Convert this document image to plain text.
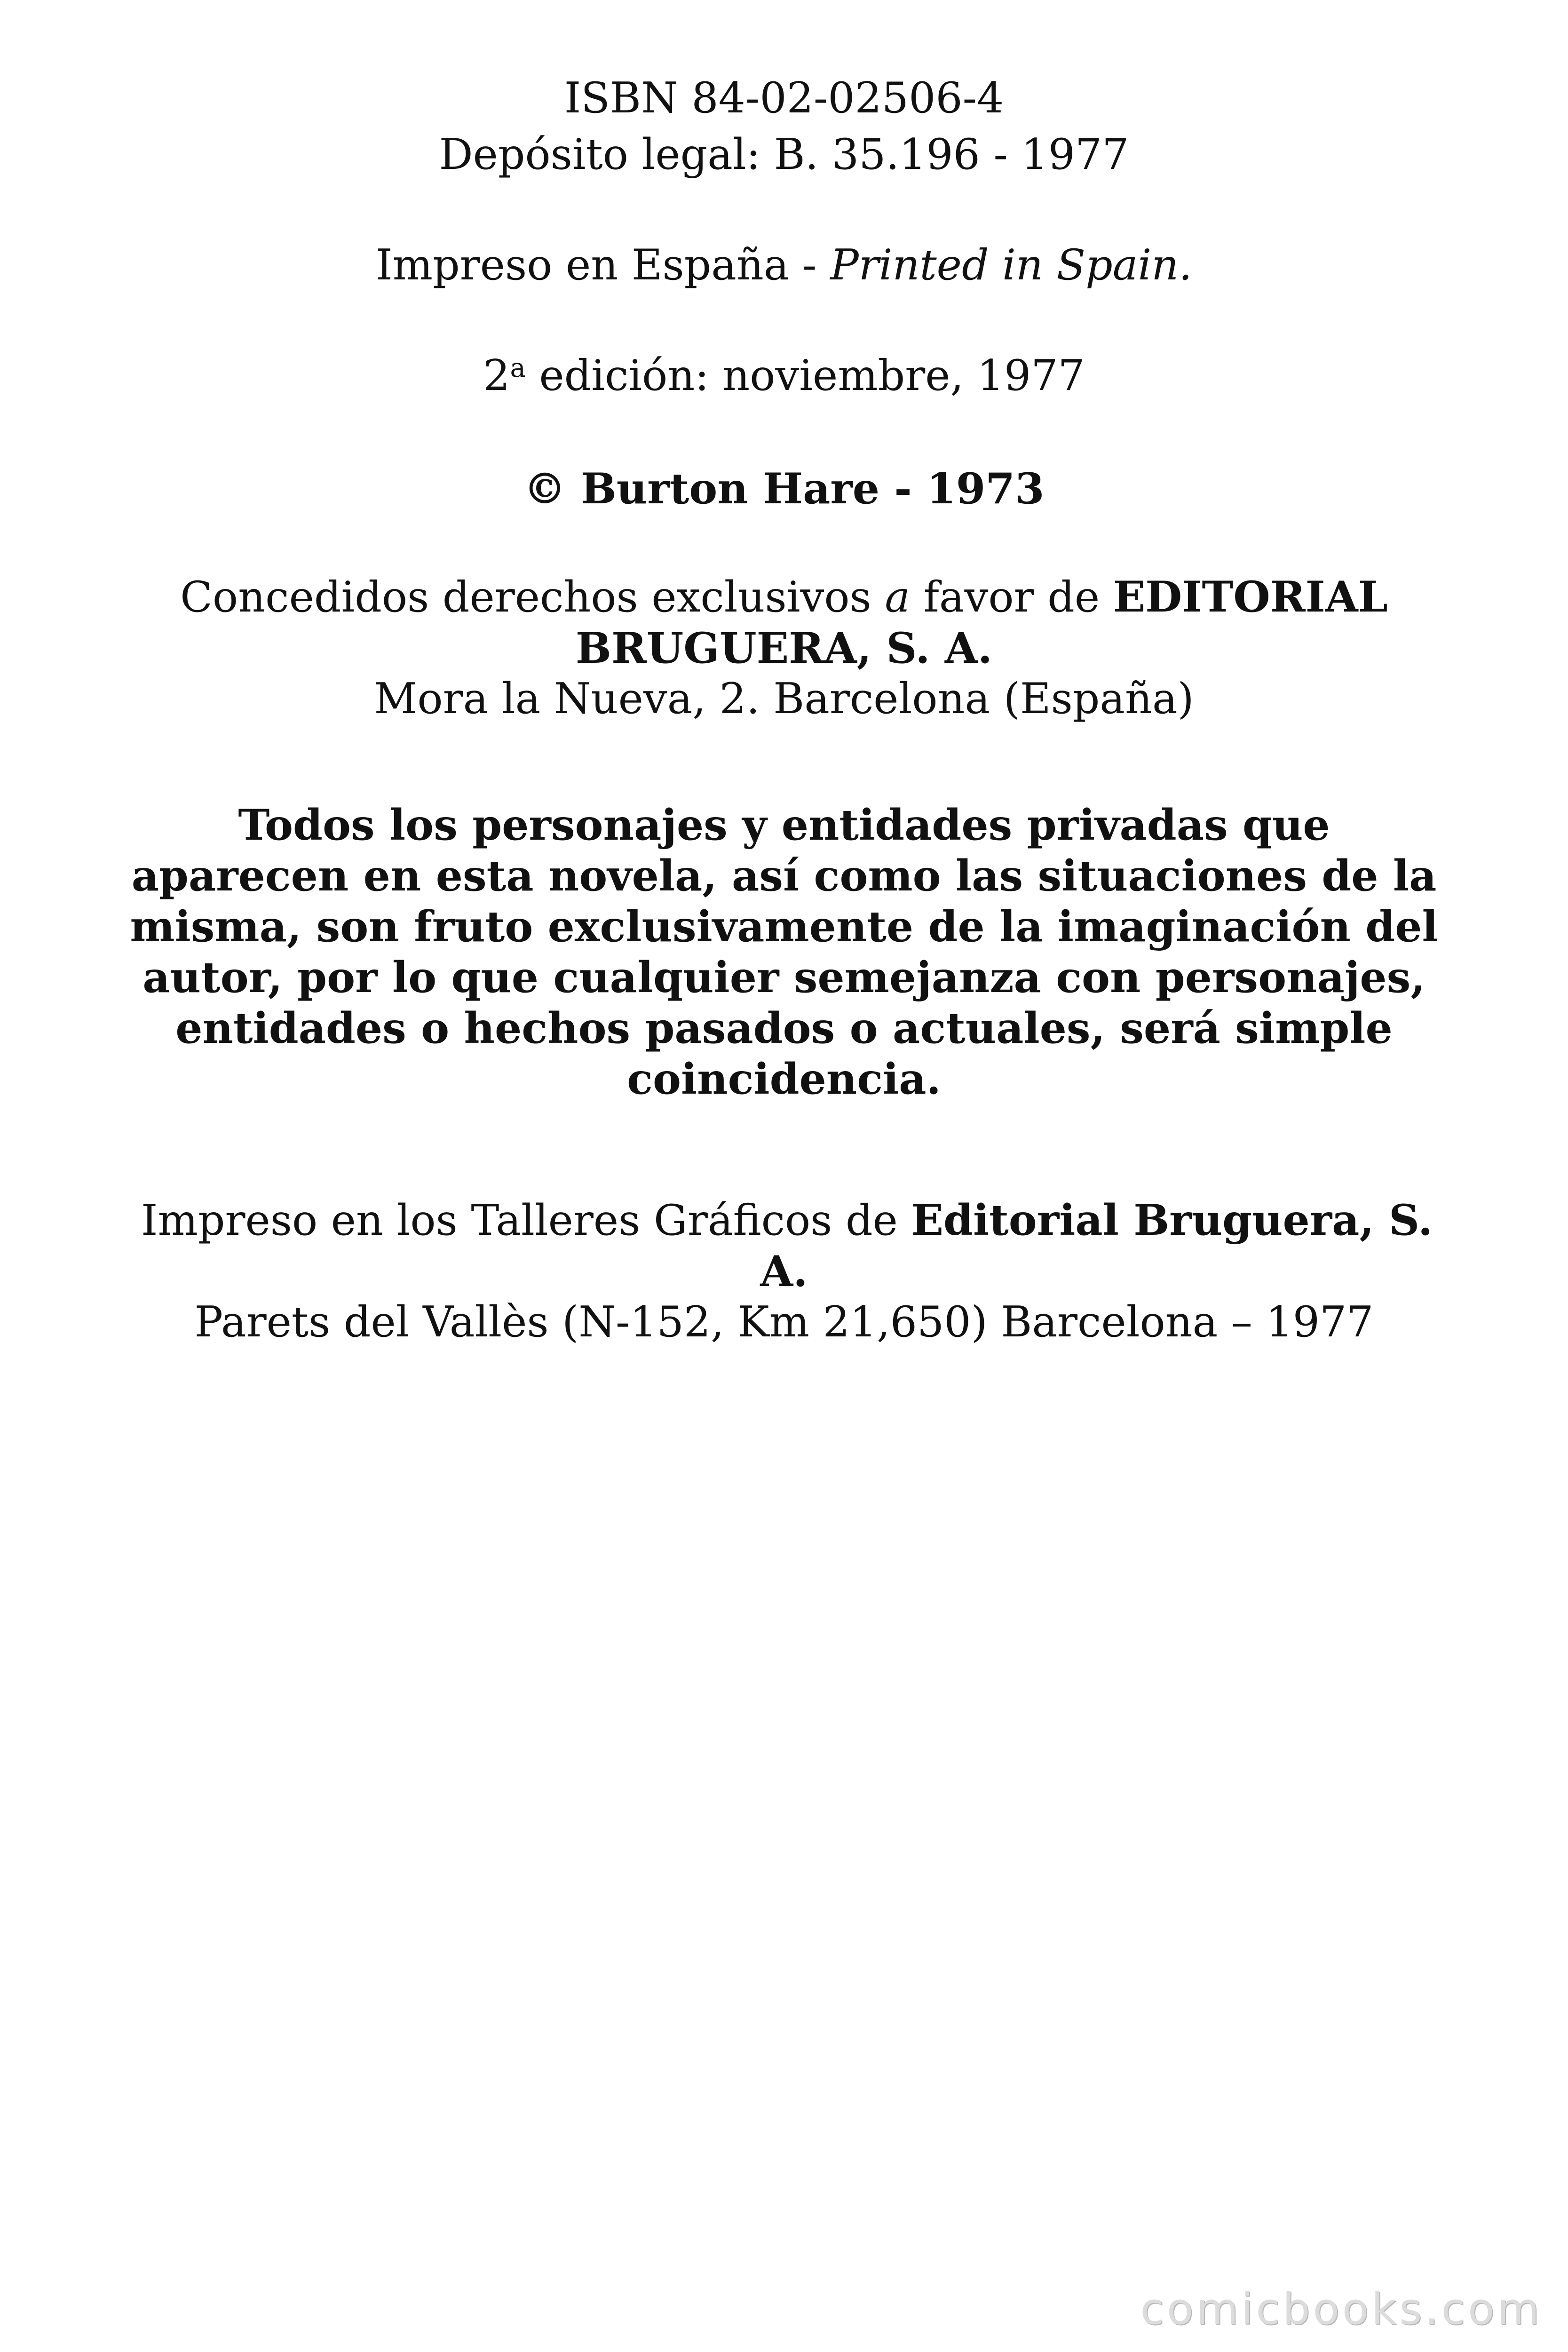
ISBN 84-02-02506-4
Depósito legal: B. 35.196 - 1977
Impreso en España - Printed in Spain.
2$^a$ edición: noviembre, 1977
© Burton Hare - 1973
Concedidos derechos exclusivos a favor de EDITORIAL
BRUGUERA, S. A.
Mora la Nueva, 2. Barcelona (España)
Todos los personajes y entidades privadas que
aparecen en esta novela, así como las situaciones de la
misma, son fruto exclusivamente de la imaginación del
autor, por lo que cualquier semejanza con personajes,
entidades o hechos pasados o actuales, será simple
coincidencia.
Impreso en los Talleres Gráficos de Editorial Bruguera, S.
A.
Parets del Vallès (N-152, Km 21,650) Barcelona – 1977
comicbooks.com
